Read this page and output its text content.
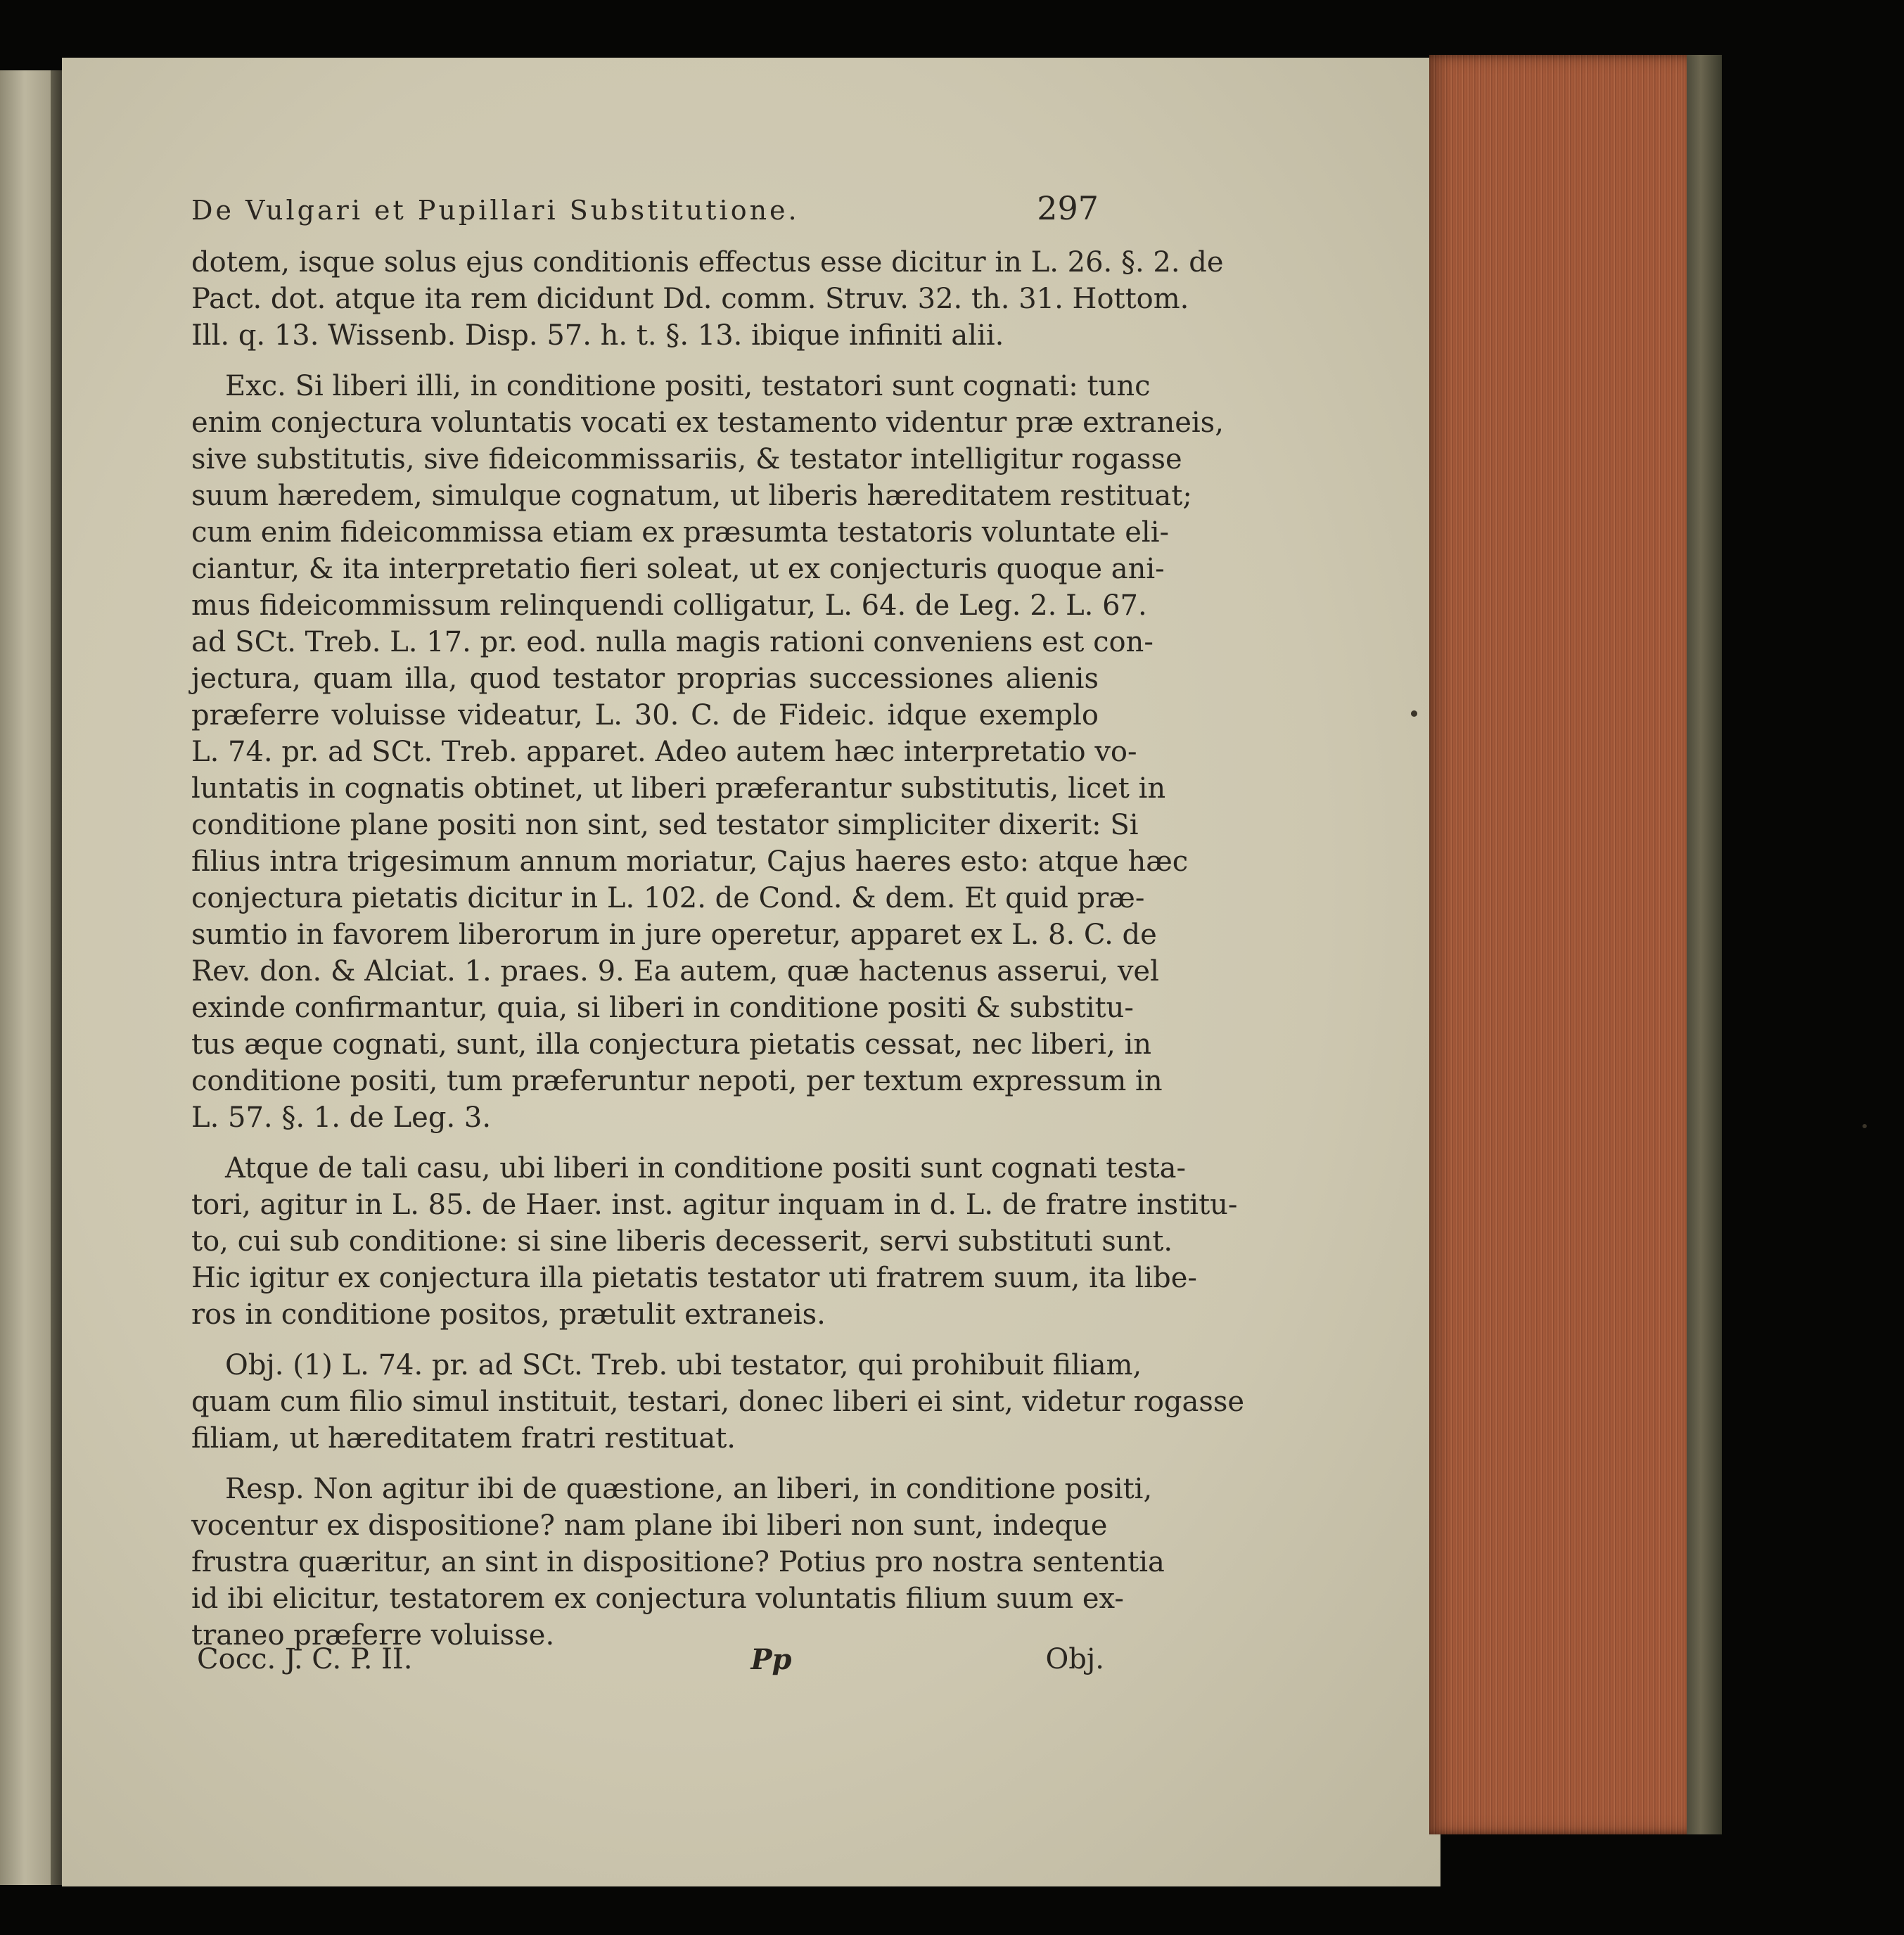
De Vulgari et Pupillari Substitutione.	297
dotem, isque solus ejus conditionis effectus esse dicitur in L. 26. §. 2. de
Pact. dot. atque ita rem dicidunt Dd. comm. Struv. 32. th. 31. Hottom.
Ill. q. 13. Wissenb. Disp. 57. h. t. §. 13. ibique infiniti alii.
Exc. Si liberi illi, in conditione positi, testatori sunt cognati: tunc
enim conjectura voluntatis vocati ex testamento videntur præ extraneis,
sive substitutis, sive fideicommissariis, & testator intelligitur rogasse
suum hæredem, simulque cognatum, ut liberis hæreditatem restituat;
cum enim fideicommissa etiam ex præsumta testatoris voluntate eli-
ciantur, & ita interpretatio fieri soleat, ut ex conjecturis quoque ani-
mus fideicommissum relinquendi colligatur, L. 64. de Leg. 2. L. 67.
ad SCt. Treb. L. 17. pr. eod. nulla magis rationi conveniens est con-
jectura, quam illa, quod testator proprias successiones alienis
præferre voluisse videatur, L. 30. C. de Fideic. idque exemplo
L. 74. pr. ad SCt. Treb. apparet. Adeo autem hæc interpretatio vo-
luntatis in cognatis obtinet, ut liberi præferantur substitutis, licet in
conditione plane positi non sint, sed testator simpliciter dixerit: Si
filius intra trigesimum annum moriatur, Cajus haeres esto: atque hæc
conjectura pietatis dicitur in L. 102. de Cond. & dem. Et quid præ-
sumtio in favorem liberorum in jure operetur, apparet ex L. 8. C. de
Rev. don. & Alciat. 1. praes. 9. Ea autem, quæ hactenus asserui, vel
exinde confirmantur, quia, si liberi in conditione positi & substitu-
tus æque cognati, sunt, illa conjectura pietatis cessat, nec liberi, in
conditione positi, tum præferuntur nepoti, per textum expressum in
L. 57. §. 1. de Leg. 3.
Atque de tali casu, ubi liberi in conditione positi sunt cognati testa-
tori, agitur in L. 85. de Haer. inst. agitur inquam in d. L. de fratre institu-
to, cui sub conditione: si sine liberis decesserit, servi substituti sunt.
Hic igitur ex conjectura illa pietatis testator uti fratrem suum, ita libe-
ros in conditione positos, prætulit extraneis.
Obj. (1) L. 74. pr. ad SCt. Treb. ubi testator, qui prohibuit filiam,
quam cum filio simul instituit, testari, donec liberi ei sint, videtur rogasse
filiam, ut hæreditatem fratri restituat.
Resp. Non agitur ibi de quæstione, an liberi, in conditione positi,
vocentur ex dispositione? nam plane ibi liberi non sunt, indeque
frustra quæritur, an sint in dispositione? Potius pro nostra sententia
id ibi elicitur, testatorem ex conjectura voluntatis filium suum ex-
traneo præferre voluisse.
Cocc. J. C. P. II.	Pp	Obj.
